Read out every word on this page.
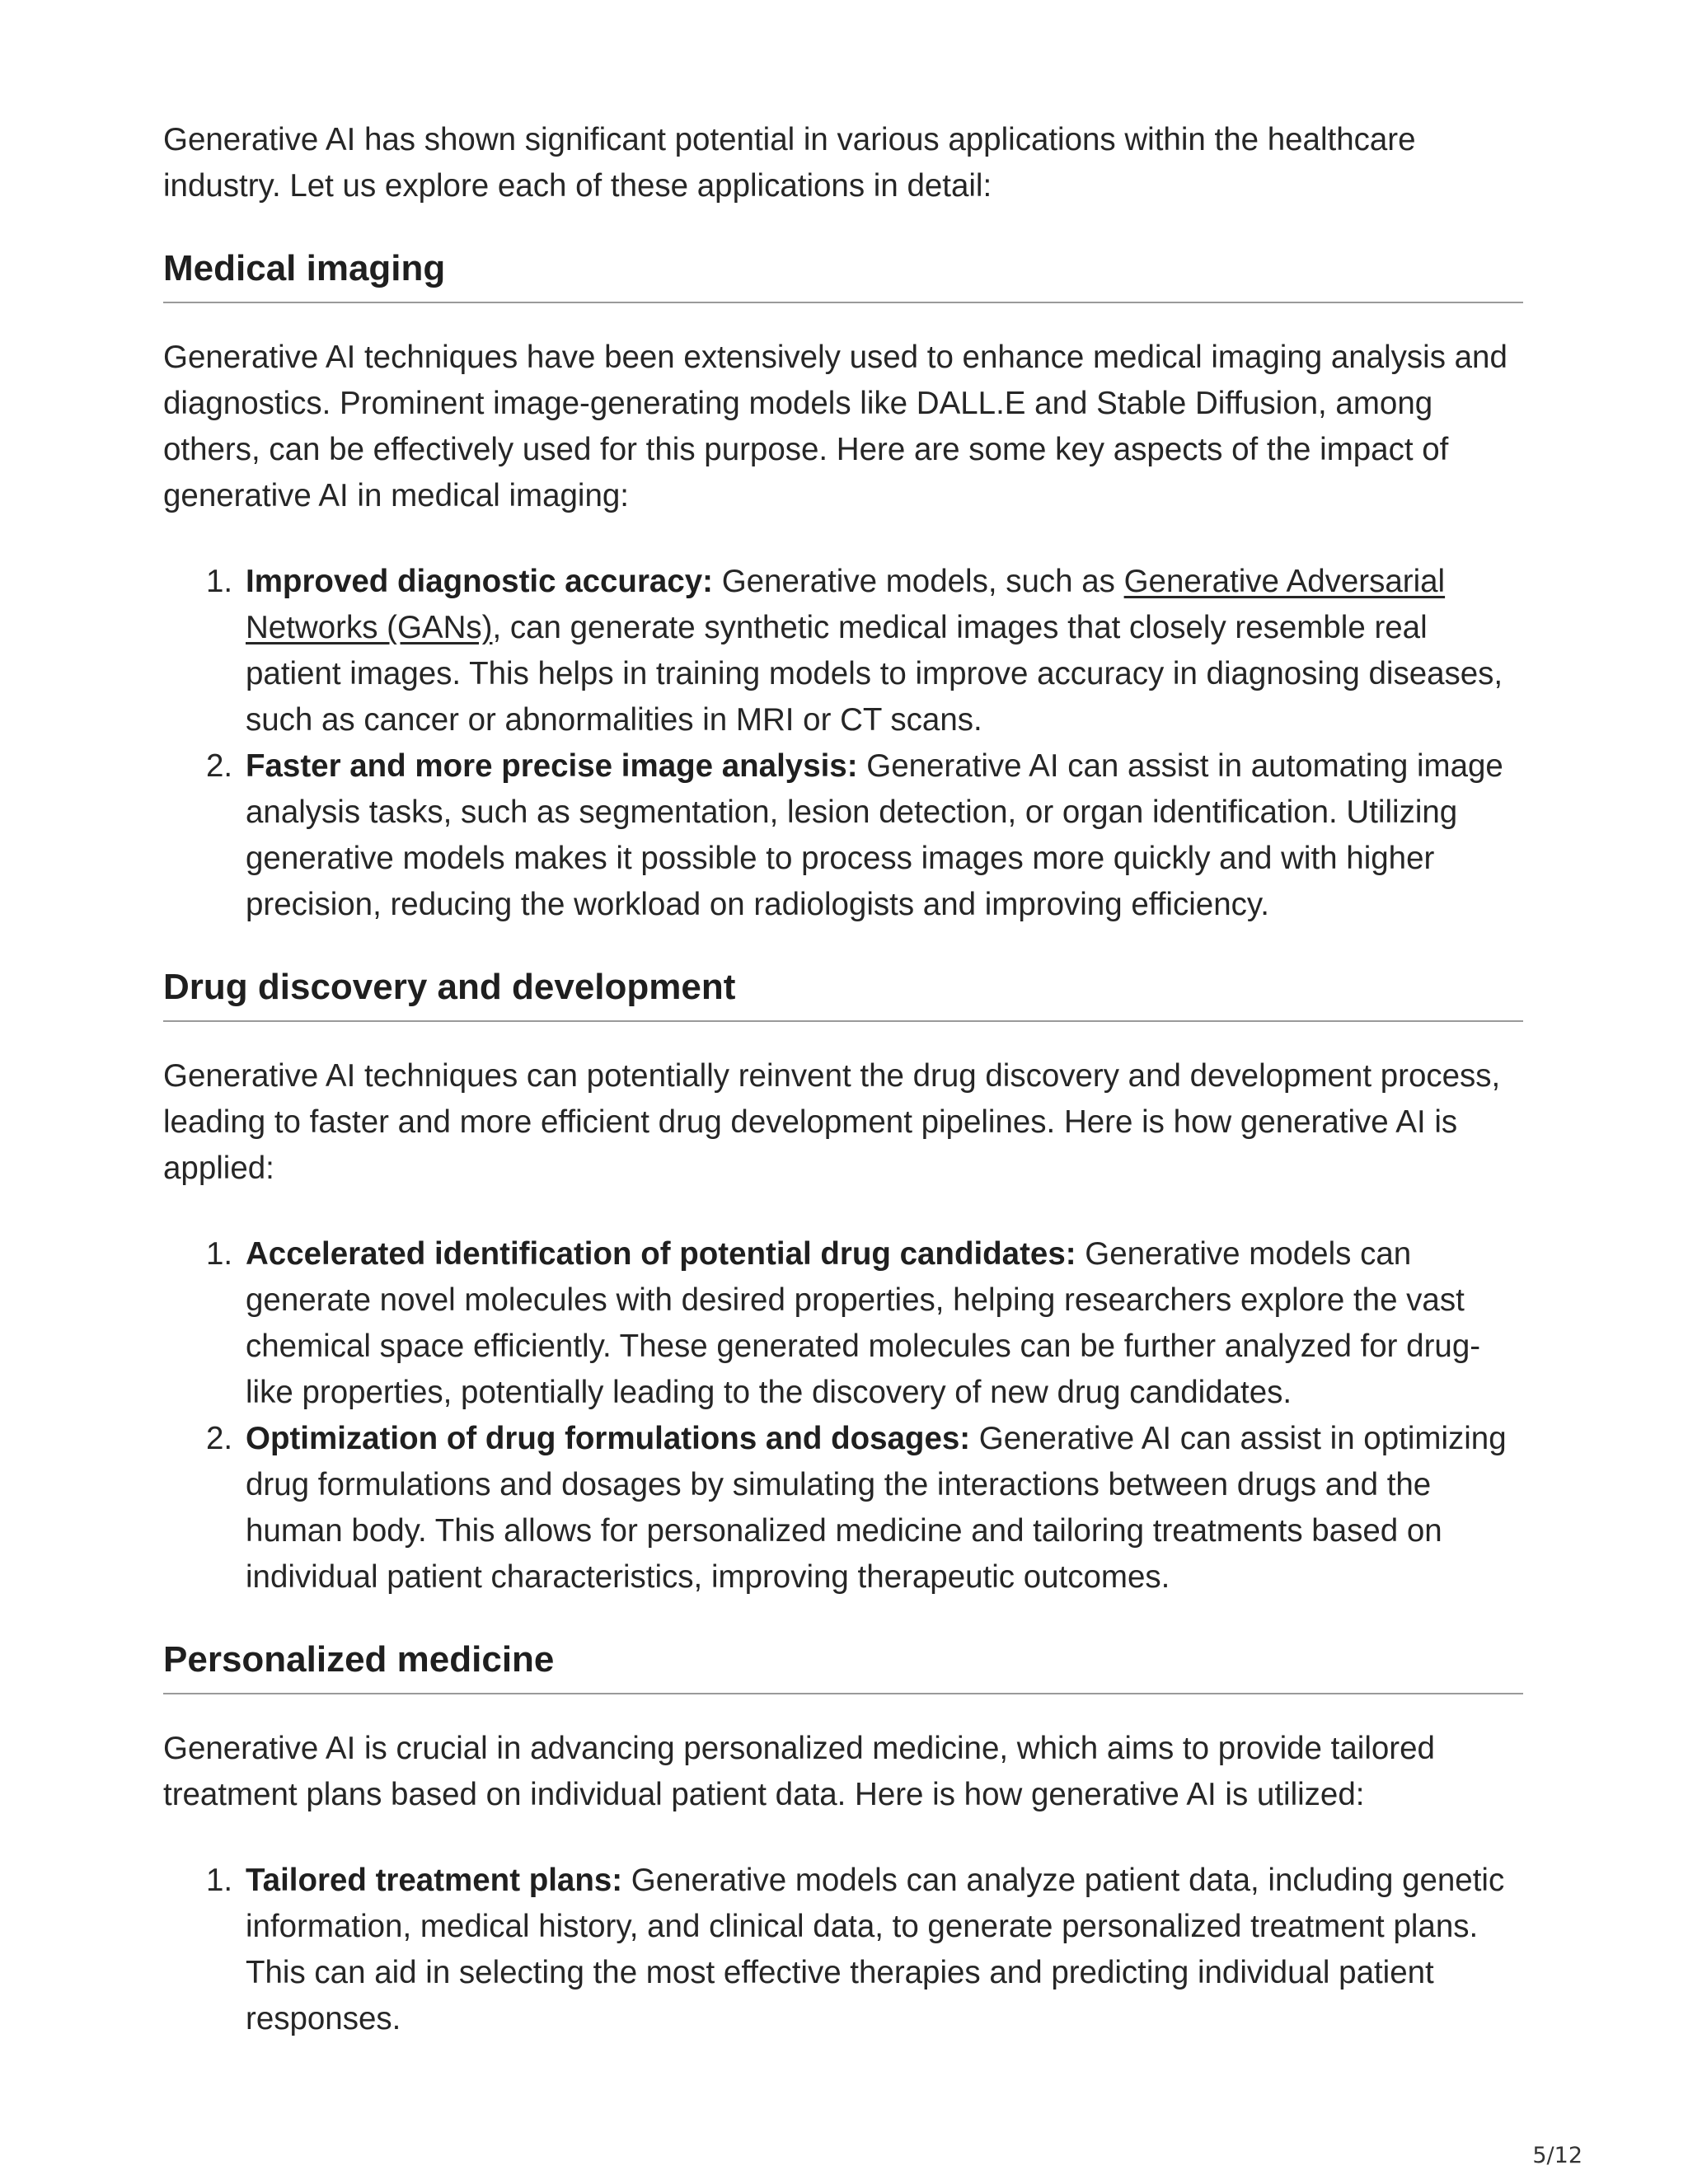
Generative AI has shown significant potential in various applications within the healthcare industry. Let us explore each of these applications in detail:

Medical imaging

Generative AI techniques have been extensively used to enhance medical imaging analysis and diagnostics. Prominent image-generating models like DALL.E and Stable Diffusion, among others, can be effectively used for this purpose. Here are some key aspects of the impact of generative AI in medical imaging:

1. Improved diagnostic accuracy: Generative models, such as Generative Adversarial Networks (GANs), can generate synthetic medical images that closely resemble real patient images. This helps in training models to improve accuracy in diagnosing diseases, such as cancer or abnormalities in MRI or CT scans.
2. Faster and more precise image analysis: Generative AI can assist in automating image analysis tasks, such as segmentation, lesion detection, or organ identification. Utilizing generative models makes it possible to process images more quickly and with higher precision, reducing the workload on radiologists and improving efficiency.
Drug discovery and development

Generative AI techniques can potentially reinvent the drug discovery and development process, leading to faster and more efficient drug development pipelines. Here is how generative AI is applied:

1. Accelerated identification of potential drug candidates: Generative models can generate novel molecules with desired properties, helping researchers explore the vast chemical space efficiently. These generated molecules can be further analyzed for drug-like properties, potentially leading to the discovery of new drug candidates.
2. Optimization of drug formulations and dosages: Generative AI can assist in optimizing drug formulations and dosages by simulating the interactions between drugs and the human body. This allows for personalized medicine and tailoring treatments based on individual patient characteristics, improving therapeutic outcomes.
Personalized medicine

Generative AI is crucial in advancing personalized medicine, which aims to provide tailored treatment plans based on individual patient data. Here is how generative AI is utilized:

1. Tailored treatment plans: Generative models can analyze patient data, including genetic information, medical history, and clinical data, to generate personalized treatment plans. This can aid in selecting the most effective therapies and predicting individual patient responses.
5/12
